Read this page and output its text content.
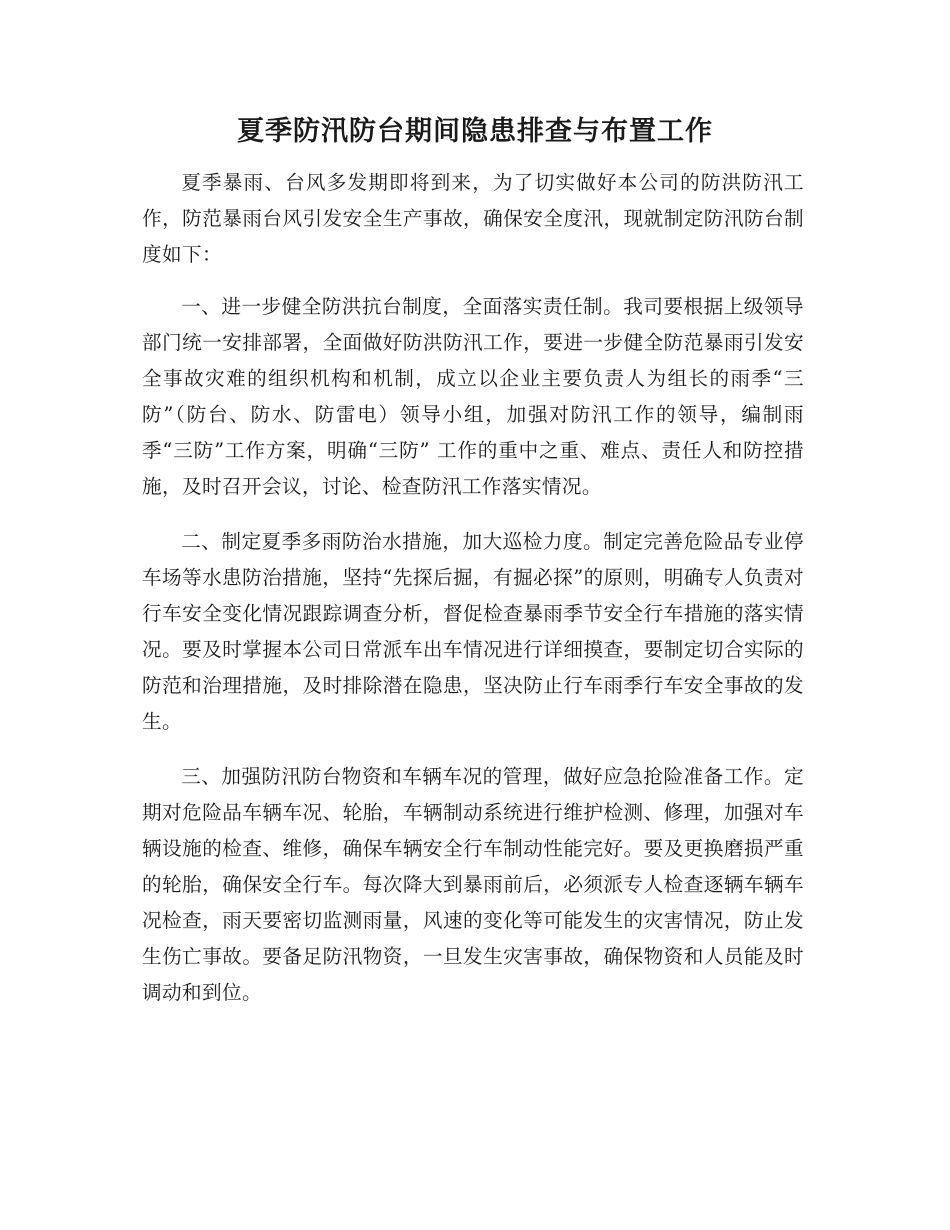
夏季防汛防台期间隐患排查与布置工作

夏季暴雨、台风多发期即将到来，为了切实做好本公司的防洪防汛工作，防范暴雨台风引发安全生产事故，确保安全度汛，现就制定防汛防台制度如下：

一、进一步健全防洪抗台制度，全面落实责任制。我司要根据上级领导部门统一安排部署，全面做好防洪防汛工作，要进一步健全防范暴雨引发安全事故灾难的组织机构和机制，成立以企业主要负责人为组长的雨季“三防”（防台、防水、防雷电）领导小组，加强对防汛工作的领导，编制雨季“三防”工作方案，明确“三防” 工作的重中之重、难点、责任人和防控措施，及时召开会议，讨论、检查防汛工作落实情况。

二、制定夏季多雨防治水措施，加大巡检力度。制定完善危险品专业停车场等水患防治措施，坚持“先探后掘，有掘必探”的原则，明确专人负责对行车安全变化情况跟踪调查分析，督促检查暴雨季节安全行车措施的落实情况。要及时掌握本公司日常派车出车情况进行详细摸查，要制定切合实际的防范和治理措施，及时排除潜在隐患，坚决防止行车雨季行车安全事故的发生。

三、加强防汛防台物资和车辆车况的管理，做好应急抢险准备工作。定期对危险品车辆车况、轮胎，车辆制动系统进行维护检测、修理，加强对车辆设施的检查、维修，确保车辆安全行车制动性能完好。要及更换磨损严重的轮胎，确保安全行车。每次降大到暴雨前后，必须派专人检查逐辆车辆车况检查，雨天要密切监测雨量，风速的变化等可能发生的灾害情况，防止发生伤亡事故。要备足防汛物资，一旦发生灾害事故，确保物资和人员能及时调动和到位。
